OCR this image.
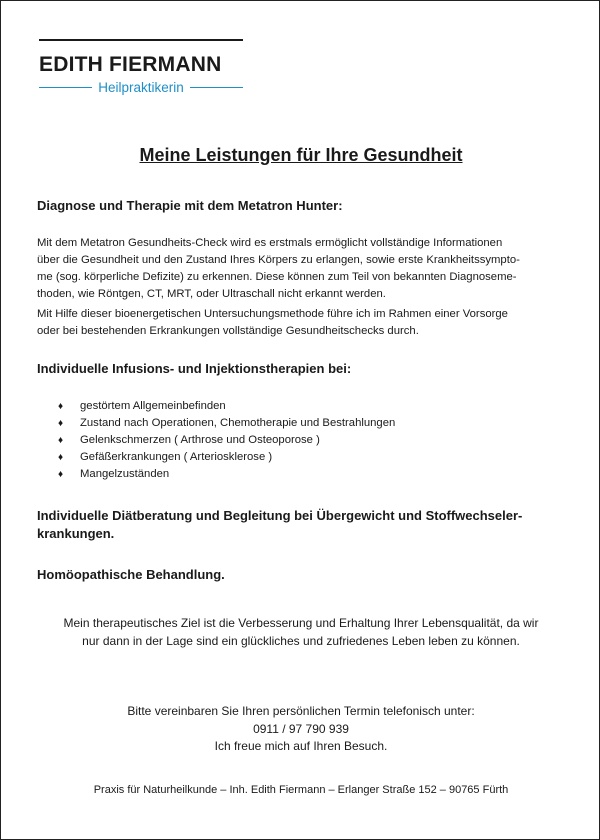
EDITH FIERMANN
Heilpraktikerin
Meine Leistungen für Ihre Gesundheit
Diagnose und Therapie mit dem Metatron Hunter:

Mit dem Metatron Gesundheits-Check wird es erstmals ermöglicht vollständige Informationen
über die Gesundheit und den Zustand Ihres Körpers zu erlangen, sowie erste Krankheitssympto-
me (sog. körperliche Defizite) zu erkennen. Diese können zum Teil von bekannten Diagnoseme-
thoden, wie Röntgen, CT, MRT, oder Ultraschall nicht erkannt werden.

Mit Hilfe dieser bioenergetischen Untersuchungsmethode führe ich im Rahmen einer Vorsorge
oder bei bestehenden Erkrankungen vollständige Gesundheitschecks durch.

Individuelle Infusions- und Injektionstherapien bei:
♦	gestörtem Allgemeinbefinden
♦	Zustand nach Operationen, Chemotherapie und Bestrahlungen
♦	Gelenkschmerzen ( Arthrose und Osteoporose )
♦	Gefäßerkrankungen ( Arteriosklerose )
♦	Mangelzuständen
Individuelle Diätberatung und Begleitung bei Übergewicht und Stoffwechseler-
krankungen.
Homöopathische Behandlung.
Mein therapeutisches Ziel ist die Verbesserung und Erhaltung Ihrer Lebensqualität, da wir
nur dann in der Lage sind ein glückliches und zufriedenes Leben leben zu können.
Bitte vereinbaren Sie Ihren persönlichen Termin telefonisch unter:
0911 / 97 790 939
Ich freue mich auf Ihren Besuch.
Praxis für Naturheilkunde – Inh. Edith Fiermann – Erlanger Straße 152 – 90765 Fürth
